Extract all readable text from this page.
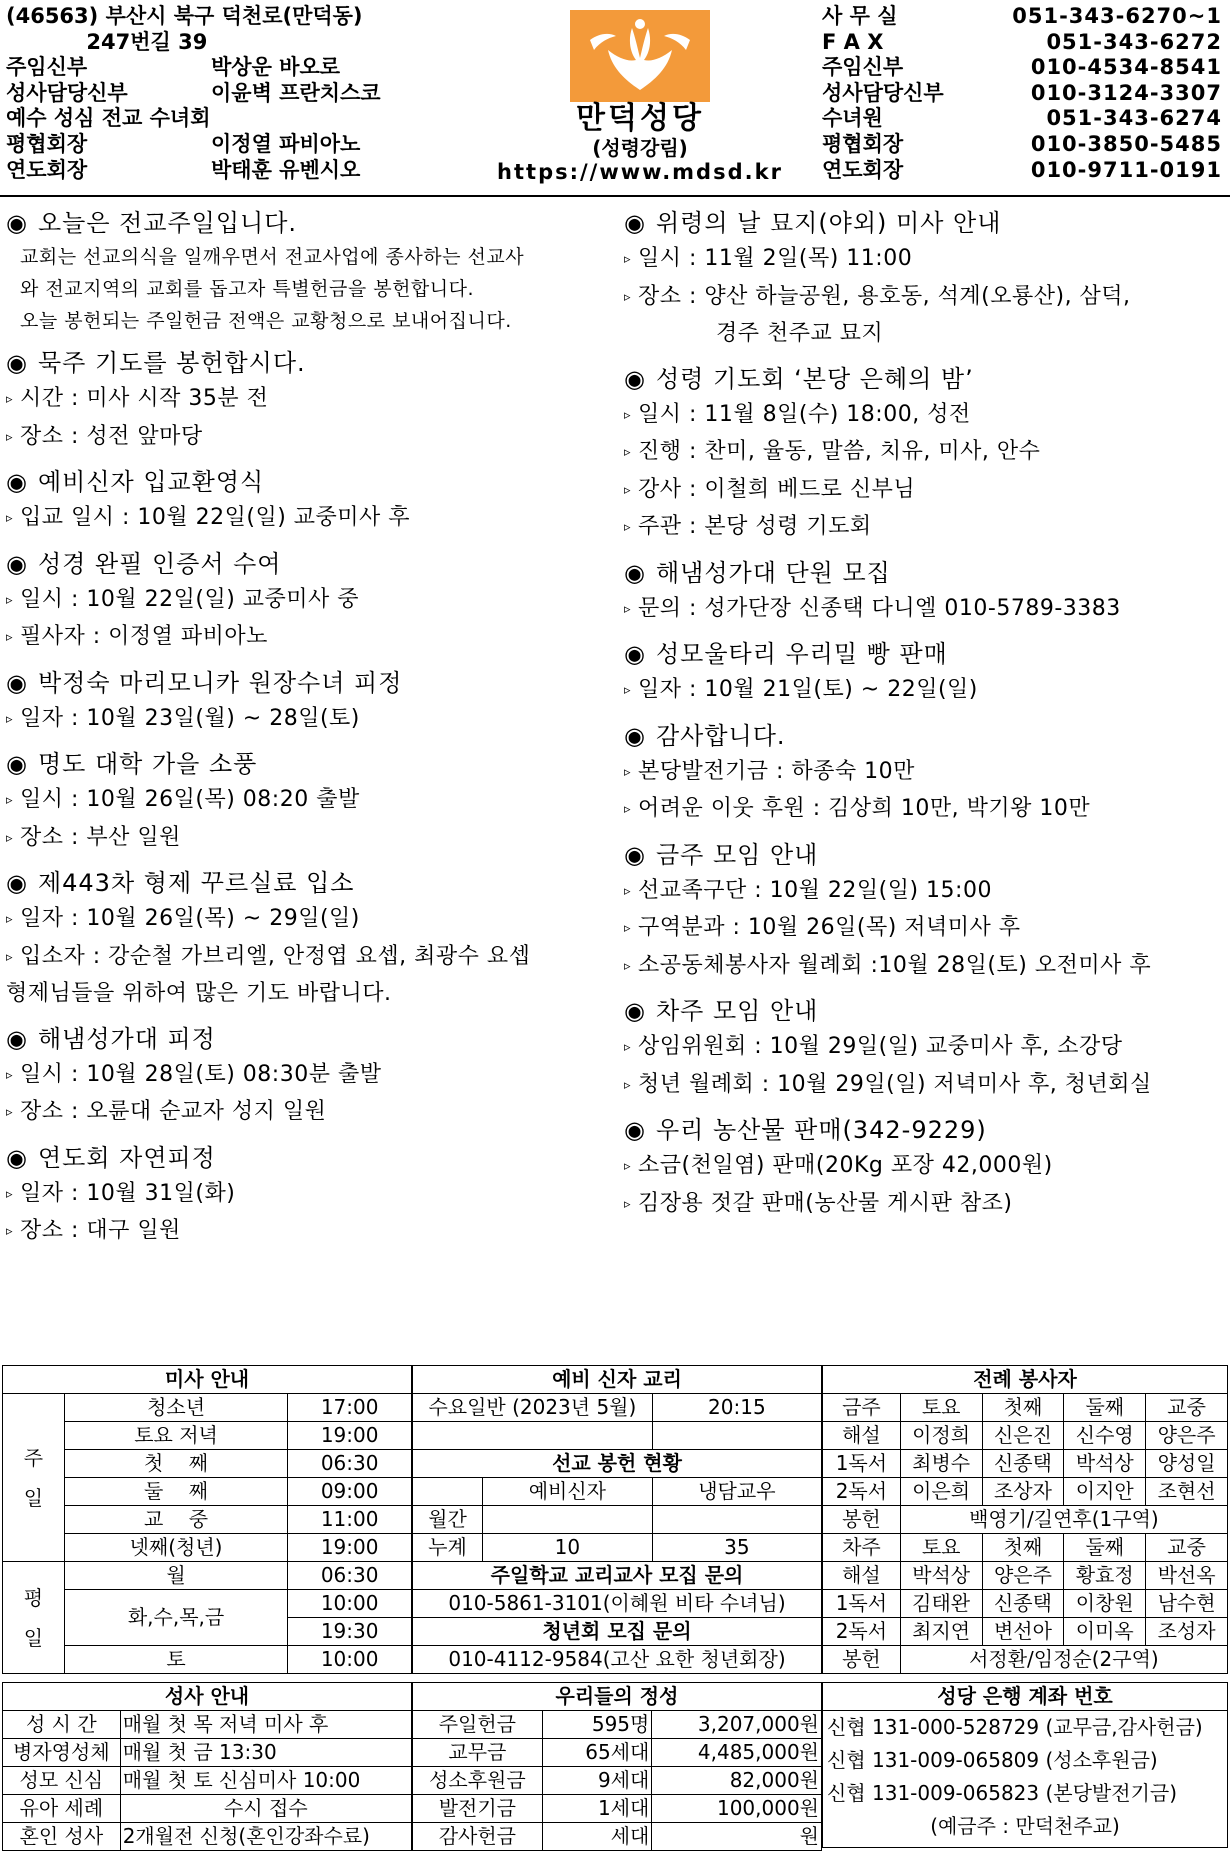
(46563) 부산시 북구 덕천로(만덕동)
247번길 39
주임신부	박상운 바오로
성사담당신부	이윤벽 프란치스코
예수 성심 전교 수녀회
평협회장	이정열 파비아노
연도회장	박태훈 유벤시오
만덕성당
(성령강림)
https://www.mdsd.kr
사 무 실	051-343-6270~1
F A X	051-343-6272
주임신부	010-4534-8541
성사담당신부	010-3124-3307
수녀원	051-343-6274
평협회장	010-3850-5485
연도회장	010-9711-0191
◉ 오늘은 전교주일입니다.
교회는 선교의식을 일깨우면서 전교사업에 종사하는 선교사
와 전교지역의 교회를 돕고자 특별헌금을 봉헌합니다.
오늘 봉헌되는 주일헌금 전액은 교황청으로 보내어집니다.
◉ 묵주 기도를 봉헌합시다.
▹ 시간 : 미사 시작 35분 전
▹ 장소 : 성전 앞마당
◉ 예비신자 입교환영식
▹ 입교 일시 : 10월 22일(일) 교중미사 후
◉ 성경 완필 인증서 수여
▹ 일시 : 10월 22일(일) 교중미사 중
▹ 필사자 : 이정열 파비아노
◉ 박정숙 마리모니카 원장수녀 피정
▹ 일자 : 10월 23일(월) ~ 28일(토)
◉ 명도 대학 가을 소풍
▹ 일시 : 10월 26일(목) 08:20 출발
▹ 장소 : 부산 일원
◉ 제443차 형제 꾸르실료 입소
▹ 일자 : 10월 26일(목) ~ 29일(일)
▹ 입소자 : 강순철 가브리엘, 안정엽 요셉, 최광수 요셉
형제님들을 위하여 많은 기도 바랍니다.
◉ 해냄성가대 피정
▹ 일시 : 10월 28일(토) 08:30분 출발
▹ 장소 : 오륜대 순교자 성지 일원
◉ 연도회 자연피정
▹ 일자 : 10월 31일(화)
▹ 장소 : 대구 일원
◉ 위령의 날 묘지(야외) 미사 안내
▹ 일시 : 11월 2일(목) 11:00
▹ 장소 : 양산 하늘공원, 용호동, 석계(오룡산), 삼덕,
경주 천주교 묘지
◉ 성령 기도회 ‘본당 은혜의 밤’
▹ 일시 : 11월 8일(수) 18:00, 성전
▹ 진행 : 찬미, 율동, 말씀, 치유, 미사, 안수
▹ 강사 : 이철희 베드로 신부님
▹ 주관 : 본당 성령 기도회
◉ 해냄성가대 단원 모집
▹ 문의 : 성가단장 신종택 다니엘 010-5789-3383
◉ 성모울타리 우리밀 빵 판매
▹ 일자 : 10월 21일(토) ~ 22일(일)
◉ 감사합니다.
▹ 본당발전기금 : 하종숙 10만
▹ 어려운 이웃 후원 : 김상희 10만, 박기왕 10만
◉ 금주 모임 안내
▹ 선교족구단 : 10월 22일(일) 15:00
▹ 구역분과 : 10월 26일(목) 저녁미사 후
▹ 소공동체봉사자 월례회 :10월 28일(토) 오전미사 후
◉ 차주 모임 안내
▹ 상임위원회 : 10월 29일(일) 교중미사 후, 소강당
▹ 청년 월례회 : 10월 29일(일) 저녁미사 후, 청년회실
◉ 우리 농산물 판매(342-9229)
▹ 소금(천일염) 판매(20Kg 포장 42,000원)
▹ 김장용 젓갈 판매(농산물 게시판 참조)
미사 안내		
주
일	청소년	17:00
	토요 저녁	19:00
	첫    째	06:30
	둘    째	09:00
	교    중	11:00
	넷째(청년)	19:00
평
일	월	06:30
	화,수,목,금	10:00
		19:30
	토	10:00
예비 신자 교리		
수요일반 (2023년 5월)		20:15

선교 봉헌 현황		
	예비신자	냉담교우
월간		
누계	10	35
주일학교 교리교사 모집 문의		
010-5861-3101(이혜원 비타 수녀님)		
청년회 모집 문의		
010-4112-9584(고산 요한 청년회장)		
전례 봉사자				
금주	토요	첫째	둘째	교중
해설	이정희	신은진	신수영	양은주
1독서	최병수	신종택	박석상	양성일
2독서	이은희	조상자	이지안	조현선
봉헌	백영기/길연후(1구역)			
차주	토요	첫째	둘째	교중
해설	박석상	양은주	황효정	박선옥
1독서	김태완	신종택	이창원	남수현
2독서	최지연	변선아	이미옥	조성자
봉헌	서정환/임정순(2구역)			
성사 안내	
성 시 간	매월 첫 목 저녁 미사 후
병자영성체	매월 첫 금 13:30
성모 신심	매월 첫 토 신심미사 10:00
유아 세례	수시 접수
혼인 성사	2개월전 신청(혼인강좌수료)
우리들의 정성		
주일헌금	595명	3,207,000원
교무금	65세대	4,485,000원
성소후원금	9세대	82,000원
발전기금	1세대	100,000원
감사헌금	세대	원
성당 은행 계좌 번호

신협 131-000-528729 (교무금,감사헌금)
신협 131-009-065809 (성소후원금)
신협 131-009-065823 (본당발전기금)
(예금주 : 만덕천주교)
